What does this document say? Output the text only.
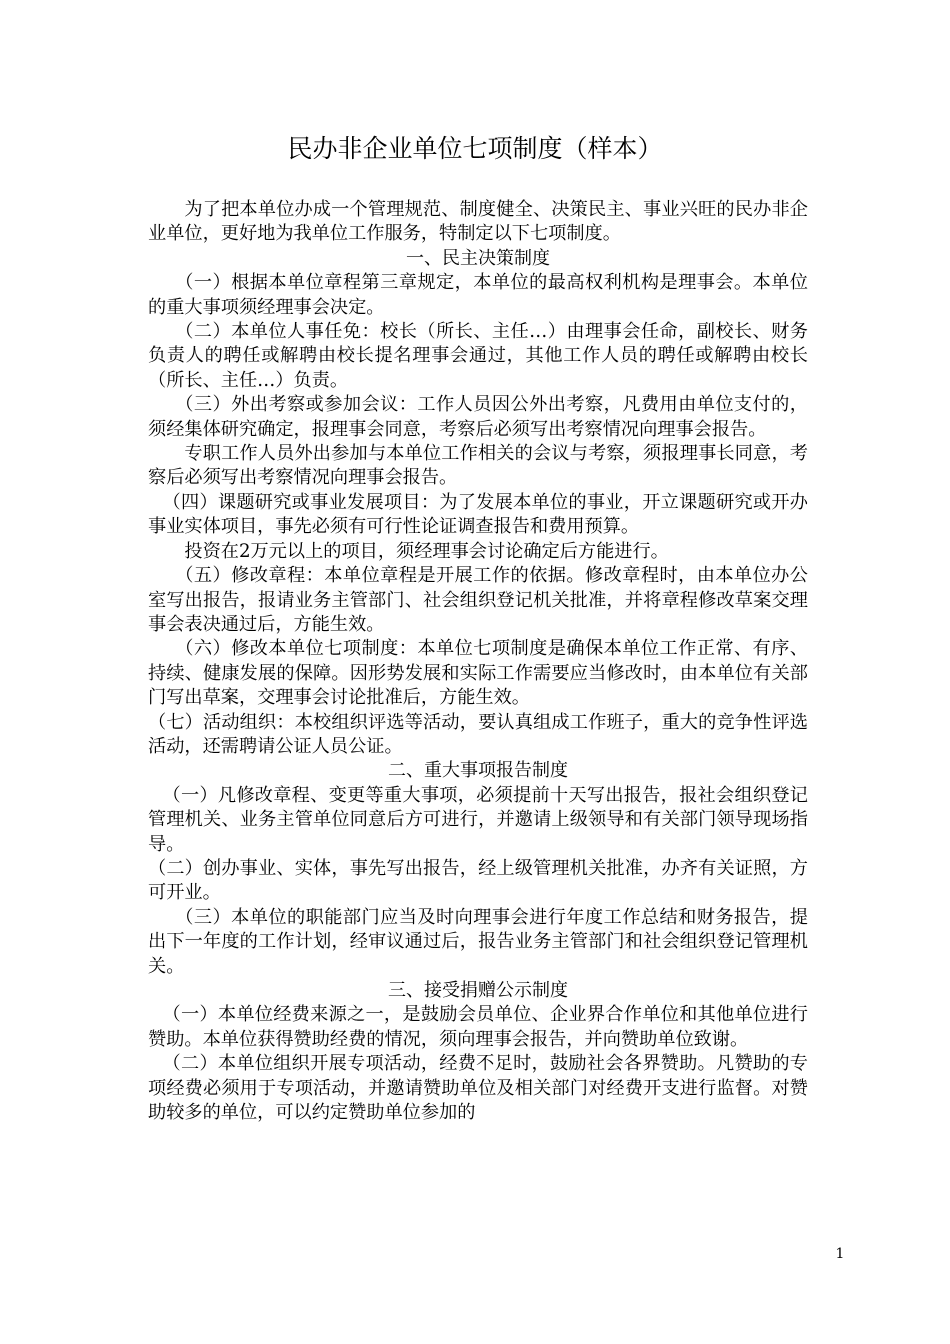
民办非企业单位七项制度（样本）

为了把本单位办成一个管理规范、制度健全、决策民主、事业兴旺的民办非企业单位，更好地为我单位工作服务，特制定以下七项制度。

一、民主决策制度

（一）根据本单位章程第三章规定，本单位的最高权利机构是理事会。本单位的重大事项须经理事会决定。

（二）本单位人事任免：校长（所长、主任…）由理事会任命，副校长、财务负责人的聘任或解聘由校长提名理事会通过，其他工作人员的聘任或解聘由校长（所长、主任…）负责。

（三）外出考察或参加会议：工作人员因公外出考察，凡费用由单位支付的，须经集体研究确定，报理事会同意，考察后必须写出考察情况向理事会报告。

专职工作人员外出参加与本单位工作相关的会议与考察，须报理事长同意，考察后必须写出考察情况向理事会报告。

（四）课题研究或事业发展项目：为了发展本单位的事业，开立课题研究或开办事业实体项目，事先必须有可行性论证调查报告和费用预算。

投资在2万元以上的项目，须经理事会讨论确定后方能进行。

（五）修改章程：本单位章程是开展工作的依据。修改章程时，由本单位办公室写出报告，报请业务主管部门、社会组织登记机关批准，并将章程修改草案交理事会表决通过后，方能生效。

（六）修改本单位七项制度：本单位七项制度是确保本单位工作正常、有序、持续、健康发展的保障。因形势发展和实际工作需要应当修改时，由本单位有关部门写出草案，交理事会讨论批准后，方能生效。

（七）活动组织：本校组织评选等活动，要认真组成工作班子，重大的竞争性评选活动，还需聘请公证人员公证。

二、重大事项报告制度

（一）凡修改章程、变更等重大事项，必须提前十天写出报告，报社会组织登记管理机关、业务主管单位同意后方可进行，并邀请上级领导和有关部门领导现场指导。

（二）创办事业、实体，事先写出报告，经上级管理机关批准，办齐有关证照，方可开业。

（三）本单位的职能部门应当及时向理事会进行年度工作总结和财务报告，提出下一年度的工作计划，经审议通过后，报告业务主管部门和社会组织登记管理机关。

三、接受捐赠公示制度

（一）本单位经费来源之一，是鼓励会员单位、企业界合作单位和其他单位进行赞助。本单位获得赞助经费的情况，须向理事会报告，并向赞助单位致谢。

（二）本单位组织开展专项活动，经费不足时，鼓励社会各界赞助。凡赞助的专项经费必须用于专项活动，并邀请赞助单位及相关部门对经费开支进行监督。对赞助较多的单位，可以约定赞助单位参加的

1
